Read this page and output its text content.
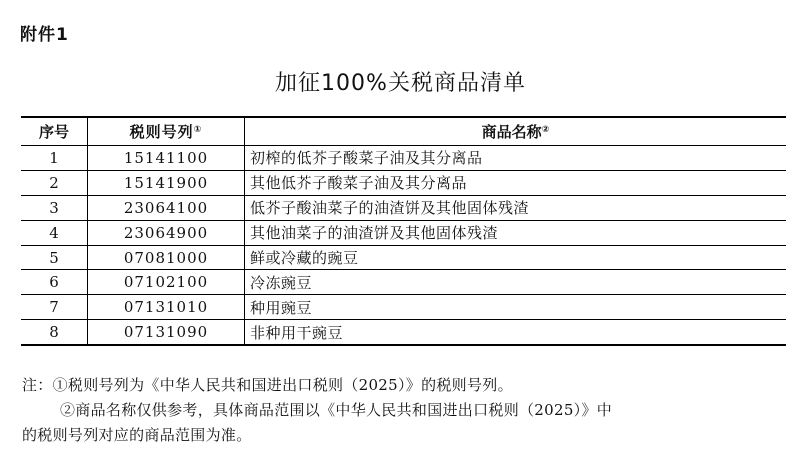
附件1
加征100%关税商品清单
序号	税则号列①	商品名称②
1	15141100	初榨的低芥子酸菜子油及其分离品
2	15141900	其他低芥子酸菜子油及其分离品
3	23064100	低芥子酸油菜子的油渣饼及其他固体残渣
4	23064900	其他油菜子的油渣饼及其他固体残渣
5	07081000	鲜或冷藏的豌豆
6	07102100	冷冻豌豆
7	07131010	种用豌豆
8	07131090	非种用干豌豆
注：①税则号列为《中华人民共和国进出口税则（2025）》的税则号列。
②商品名称仅供参考，具体商品范围以《中华人民共和国进出口税则（2025）》中
的税则号列对应的商品范围为准。
